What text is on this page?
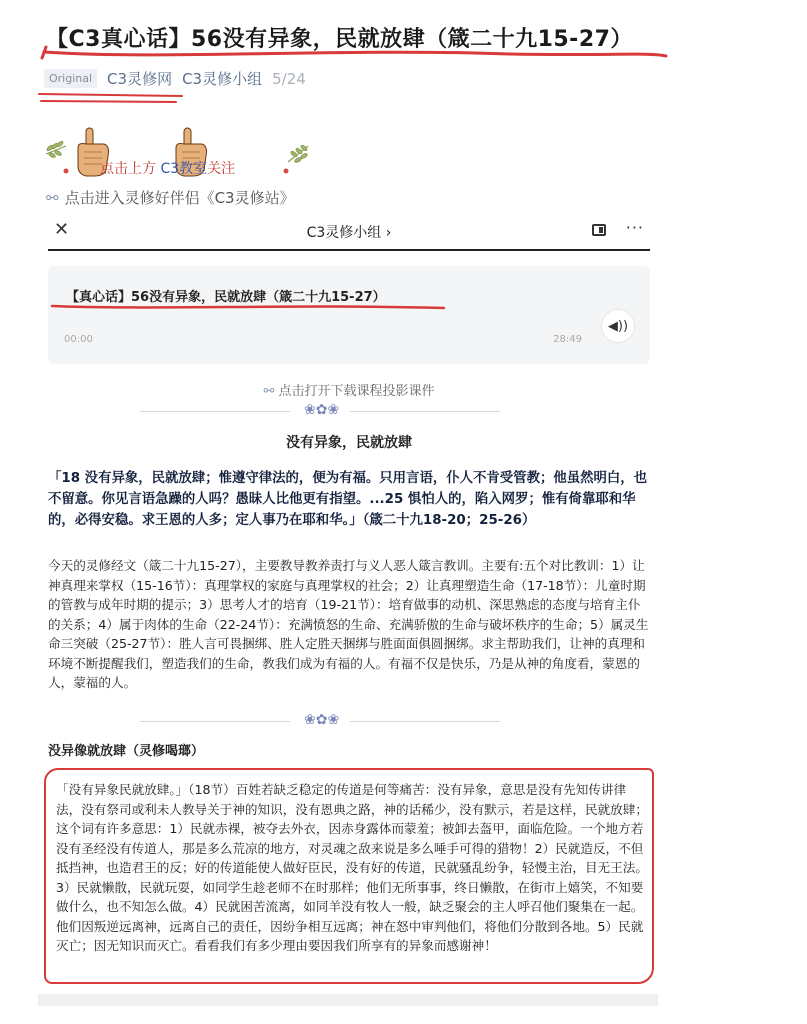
【C3真心话】56没有异象，民就放肆（箴二十九15-27）
Original	C3灵修网 C3灵修小组 5/24
点击上方 C3教室关注
⚯ 点击进入灵修好伴侣《C3灵修站》
✕	C3灵修小组 ›	···
【真心话】56没有异象，民就放肆（箴二十九15-27）
00:00	28:49
◀))
⚯ 点击打开下载课程投影课件
❀✿❀
没有异象，民就放肆
「18 没有异象，民就放肆；惟遵守律法的，便为有福。只用言语，仆人不肯受管教；他虽然明白，也不留意。你见言语急躁的人吗？愚昧人比他更有指望。...25 惧怕人的，陷入网罗；惟有倚靠耶和华的，必得安稳。求王恩的人多；定人事乃在耶和华。」（箴二十九18-20；25-26）
今天的灵修经文（箴二十九15-27），主要教导教养责打与义人恶人箴言教训。主要有:五个对比教训：1）让神真理来掌权（15-16节）：真理掌权的家庭与真理掌权的社会；2）让真理塑造生命（17-18节）：儿童时期的管教与成年时期的提示；3）思考人才的培育（19-21节）：培育做事的动机、深思熟虑的态度与培育主仆的关系；4）属于肉体的生命（22-24节）：充满愤怒的生命、充满骄傲的生命与破坏秩序的生命；5）属灵生命三突破（25-27节）：胜人言可畏捆绑、胜人定胜天捆绑与胜面面俱圆捆绑。求主帮助我们，让神的真理和环境不断提醒我们，塑造我们的生命，教我们成为有福的人。有福不仅是快乐，乃是从神的角度看，蒙恩的人，蒙福的人。
❀✿❀
没异像就放肆（灵修喝瑯）
「没有异象民就放肆。」（18节）百姓若缺乏稳定的传道是何等痛苦：没有异象，意思是没有先知传讲律法，没有祭司或利未人教导关于神的知识，没有恩典之路，神的话稀少，没有默示，若是这样，民就放肆；这个词有许多意思：1）民就赤裸，被夺去外衣，因赤身露体而蒙羞；被卸去盔甲，面临危险。一个地方若没有圣经没有传道人，那是多么荒凉的地方，对灵魂之敌来说是多么唾手可得的猎物！2）民就造反，不但抵挡神，也造君王的反；好的传道能使人做好臣民，没有好的传道，民就骚乱纷争，轻慢主治，目无王法。3）民就懒散，民就玩耍，如同学生趁老师不在时那样；他们无所事事，终日懒散，在街市上嬉笑，不知要做什么，也不知怎么做。4）民就困苦流离，如同羊没有牧人一般，缺乏聚会的主人呼召他们聚集在一起。他们因叛逆远离神，远离自己的责任，因纷争相互远离；神在怒中审判他们，将他们分散到各地。5）民就灭亡；因无知识而灭亡。看看我们有多少理由要因我们所享有的异象而感谢神！
